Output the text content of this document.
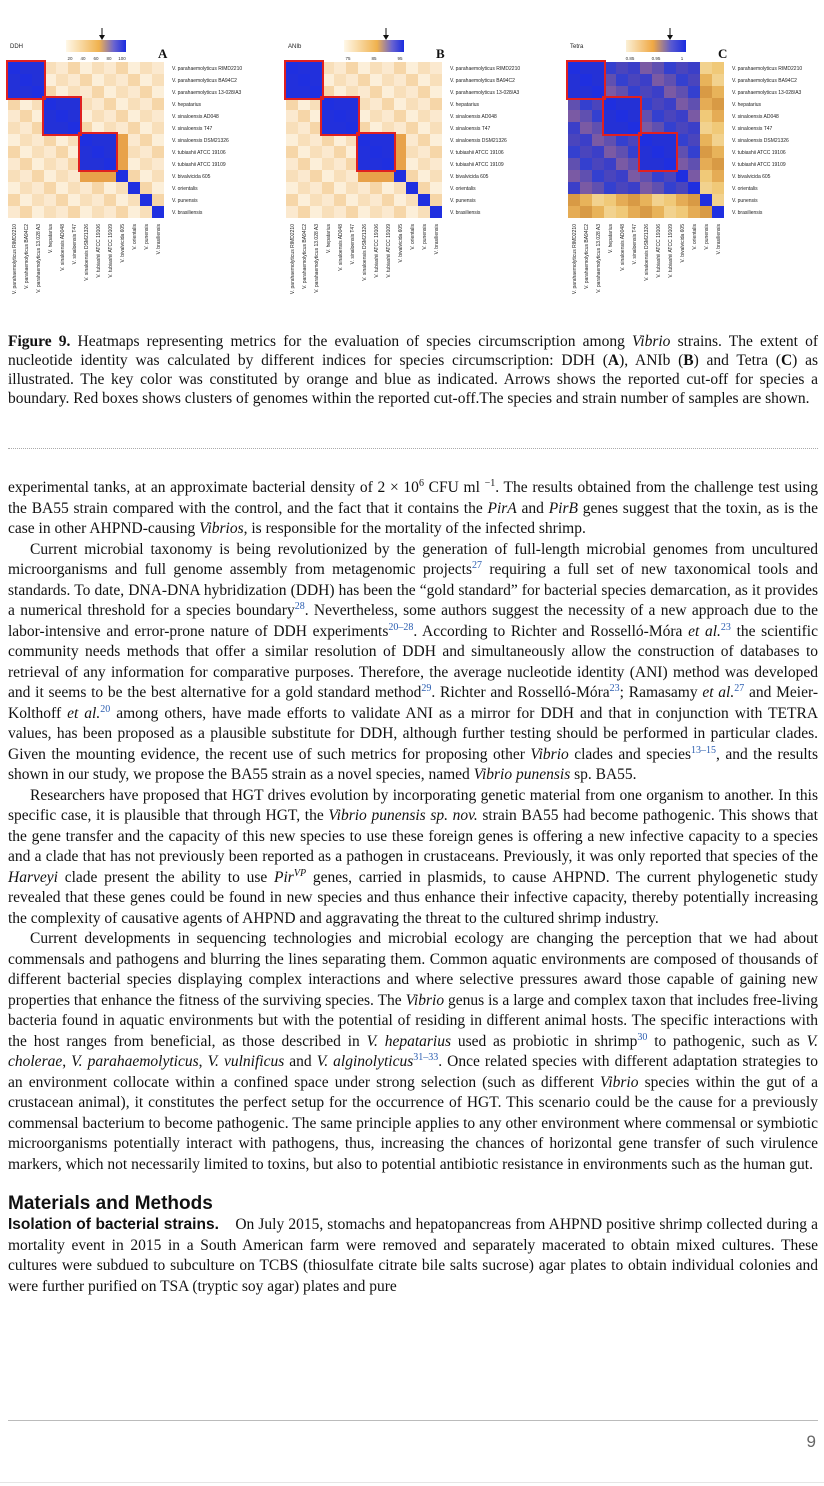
DDH
20 40 60 80 100 A
V. parahaemolyticus RIMD2210
V. parahaemolyticus BA94C2
V. parahaemolyticus 13-028/A3
V. hepatarius
V. sinaloensis AD048
V. sinaloensis T47
V. sinaloensis DSM21326
V. tubiashii ATCC 19106
V. tubiashii ATCC 19109
V. bivalvicida 605
V. orientalis
V. punensis
V. brasiliensis
V. parahaemolyticus RIMD2210 V. parahaemolyticus BA94C2 V. parahaemolyticus 13.028 A3 V. hepatarius V. sinaloensis AD048 V. sinaloensis T47 V. sinaloensis DSM21326 V. tubiashii ATCC 19106 V. tubiashii ATCC 19109 V. bivalvicida 605 V. orientalis V. punensis V. brasiliensis
ANIb
75	85	95	B
V. parahaemolyticus RIMD2210
V. parahaemolyticus BA94C2
V. parahaemolyticus 13-028/A3
V. hepatarius
V. sinaloensis AD048
V. sinaloensis T47
V. sinaloensis DSM21326
V. tubiashii ATCC 19106
V. tubiashii ATCC 19109
V. bivalvicida 605
V. orientalis
V. punensis
V. brasiliensis
V. parahaemolyticus RIMD2210 V. parahaemolyticus BA94C2 V. parahaemolyticus 13.028 A3 V. hepatarius V. sinaloensis AD048 V. sinaloensis T47 V. sinaloensis DSM21326 V. tubiashii ATCC 19106 V. tubiashii ATCC 19109 V. bivalvicida 605 V. orientalis V. punensis V. brasiliensis
Tetra
0.85	0.95	1	C
V. parahaemolyticus RIMD2210
V. parahaemolyticus BA94C2
V. parahaemolyticus 13-028/A3
V. hepatarius
V. sinaloensis AD048
V. sinaloensis T47
V. sinaloensis DSM21326
V. tubiashii ATCC 19106
V. tubiashii ATCC 19109
V. bivalvicida 605
V. orientalis
V. punensis
V. brasiliensis
V. parahaemolyticus RIMD2210 V. parahaemolyticus BA94C2 V. parahaemolyticus 13.028 A3 V. hepatarius V. sinaloensis AD048 V. sinaloensis T47 V. sinaloensis DSM21326 V. tubiashii ATCC 19106 V. tubiashii ATCC 19109 V. bivalvicida 605 V. orientalis V. punensis V. brasiliensis
Figure 9. Heatmaps representing metrics for the evaluation of species circumscription among Vibrio strains. The extent of nucleotide identity was calculated by different indices for species circumscription: DDH (A), ANIb (B) and Tetra (C) as illustrated. The key color was constituted by orange and blue as indicated. Arrows shows the reported cut-off for species a boundary. Red boxes shows clusters of genomes within the reported cut-off.The species and strain number of samples are shown.

experimental tanks, at an approximate bacterial density of $2 \times 10^6$ CFU ml $^{-1}$. The results obtained from the challenge test using the BA55 strain compared with the control, and the fact that it contains the PirA and PirB genes suggest that the toxin, as is the case in other AHPND-causing Vibrios, is responsible for the mortality of the infected shrimp.

Current microbial taxonomy is being revolutionized by the generation of full-length microbial genomes from uncultured microorganisms and full genome assembly from metagenomic projects$^{27}$ requiring a full set of new taxonomical tools and standards. To date, DNA-DNA hybridization (DDH) has been the “gold standard” for bacterial species demarcation, as it provides a numerical threshold for a species boundary$^{28}$. Nevertheless, some authors suggest the necessity of a new approach due to the labor-intensive and error-prone nature of DDH experiments$^{20-28}$. According to Richter and Rosselló-Móra et al.$^{23}$ the scientific community needs methods that offer a similar resolution of DDH and simultaneously allow the construction of databases to retrieval of any information for comparative purposes. Therefore, the average nucleotide identity (ANI) method was developed and it seems to be the best alternative for a gold standard method$^{29}$. Richter and Rosselló-Móra$^{23}$; Ramasamy et al.$^{27}$ and Meier-Kolthoff et al.$^{20}$ among others, have made efforts to validate ANI as a mirror for DDH and that in conjunction with TETRA values, has been proposed as a plausible substitute for DDH, although further testing should be performed in particular clades. Given the mounting evidence, the recent use of such metrics for proposing other Vibrio clades and species$^{13-15}$, and the results shown in our study, we propose the BA55 strain as a novel species, named Vibrio punensis sp. BA55.

Researchers have proposed that HGT drives evolution by incorporating genetic material from one organism to another. In this specific case, it is plausible that through HGT, the Vibrio punensis sp. nov. strain BA55 had become pathogenic. This shows that the gene transfer and the capacity of this new species to use these foreign genes is offering a new infective capacity to a species and a clade that has not previously been reported as a pathogen in crustaceans. Previously, it was only reported that species of the Harveyi clade present the ability to use Pir$^{VP}$ genes, carried in plasmids, to cause AHPND. The current phylogenetic study revealed that these genes could be found in new species and thus enhance their infective capacity, thereby potentially increasing the complexity of causative agents of AHPND and aggravating the threat to the cultured shrimp industry.

Current developments in sequencing technologies and microbial ecology are changing the perception that we had about commensals and pathogens and blurring the lines separating them. Common aquatic environments are composed of thousands of different bacterial species displaying complex interactions and where selective pressures award those capable of gaining new properties that enhance the fitness of the surviving species. The Vibrio genus is a large and complex taxon that includes free-living bacteria found in aquatic environments but with the potential of residing in different animal hosts. The specific interactions with the host ranges from beneficial, as those described in V. hepatarius used as probiotic in shrimp$^{30}$ to pathogenic, such as V. cholerae, V. parahaemolyticus, V. vulnificus and V. alginolyticus$^{31-33}$. Once related species with different adaptation strategies to an environment collocate within a confined space under strong selection (such as different Vibrio species within the gut of a crustacean animal), it constitutes the perfect setup for the occurrence of HGT. This scenario could be the cause for a previously commensal bacterium to become pathogenic. The same principle applies to any other environment where commensal or symbiotic microorganisms potentially interact with pathogens, thus, increasing the chances of horizontal gene transfer of such virulence markers, which not necessarily limited to toxins, but also to potential antibiotic resistance in environments such as the human gut.

Materials and Methods

Isolation of bacterial strains.    On July 2015, stomachs and hepatopancreas from AHPND positive shrimp collected during a mortality event in 2015 in a South American farm were removed and separately macerated to obtain mixed cultures. These cultures were subdued to subculture on TCBS (thiosulfate citrate bile salts sucrose) agar plates to obtain individual colonies and were further purified on TSA (tryptic soy agar) plates and pure

9
